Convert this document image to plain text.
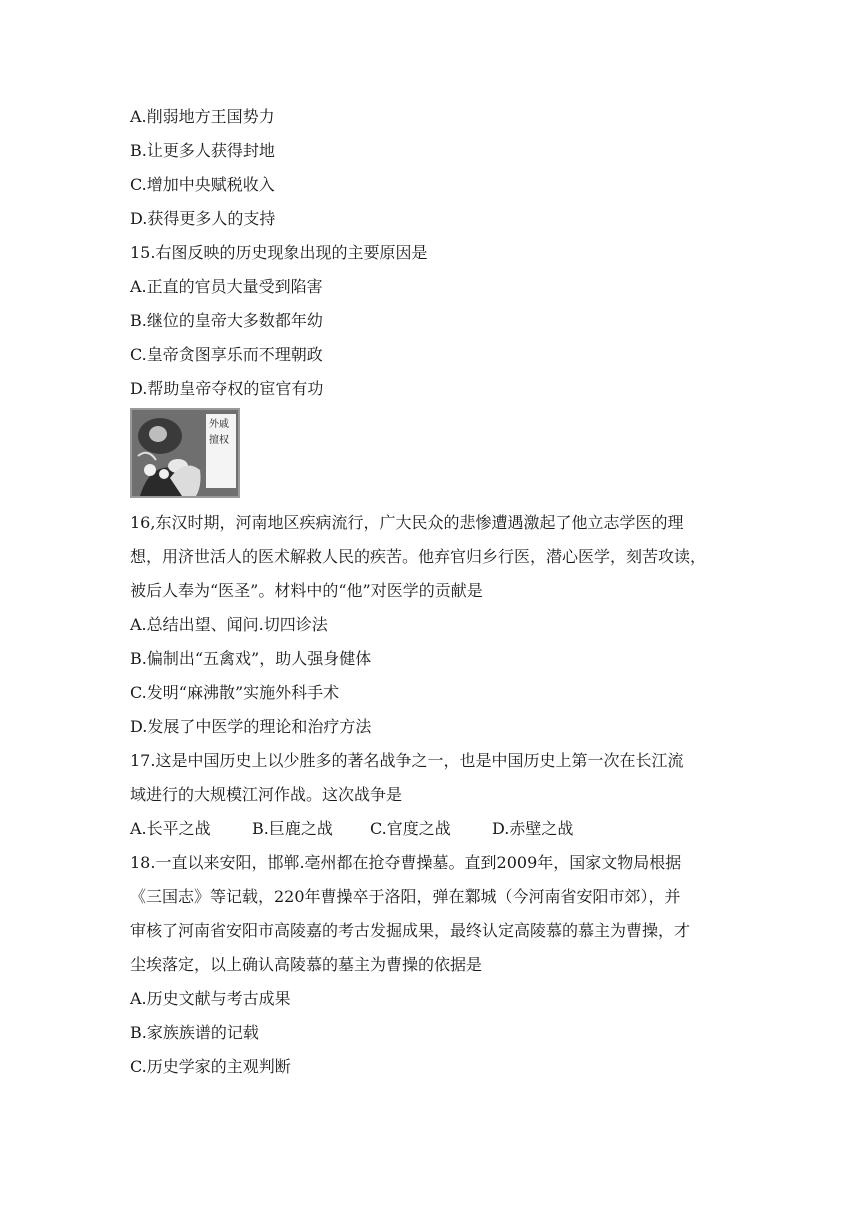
A.削弱地方王国势力
B.让更多人获得封地
C.增加中央赋税收入
D.获得更多人的支持
15.右图反映的历史现象出现的主要原因是
A.正直的官员大量受到陷害
B.继位的皇帝大多数都年幼
C.皇帝贪图享乐而不理朝政
D.帮助皇帝夺权的宦官有功
外戚擅权
16,东汉时期，河南地区疾病流行，广大民众的悲惨遭遇激起了他立志学医的理
想，用济世活人的医术解救人民的疾苦。他弃官归乡行医，潜心医学，刻苦攻读，
被后人奉为“医圣”。材料中的“他”对医学的贡献是
A.总结出望、闻问.切四诊法
B.偏制出“五禽戏”，助人强身健体
C.发明“麻沸散”实施外科手术
D.发展了中医学的理论和治疗方法
17.这是中国历史上以少胜多的著名战争之一，也是中国历史上第一次在长江流
域进行的大规模江河作战。这次战争是
A.长平之战	B.巨鹿之战	C.官度之战	D.赤壁之战
18.一直以来安阳，邯郸.亳州都在抢夺曹操墓。直到2009年，国家文物局根据
《三国志》等记载，220年曹操卒于洛阳，弹在鄴城（今河南省安阳市郊），并
审核了河南省安阳市高陵嘉的考古发掘成果，最终认定高陵慕的慕主为曹操，才
尘埃落定，以上确认高陵慕的墓主为曹操的依据是
A.历史文献与考古成果
B.家族族谱的记载
C.历史学家的主观判断
